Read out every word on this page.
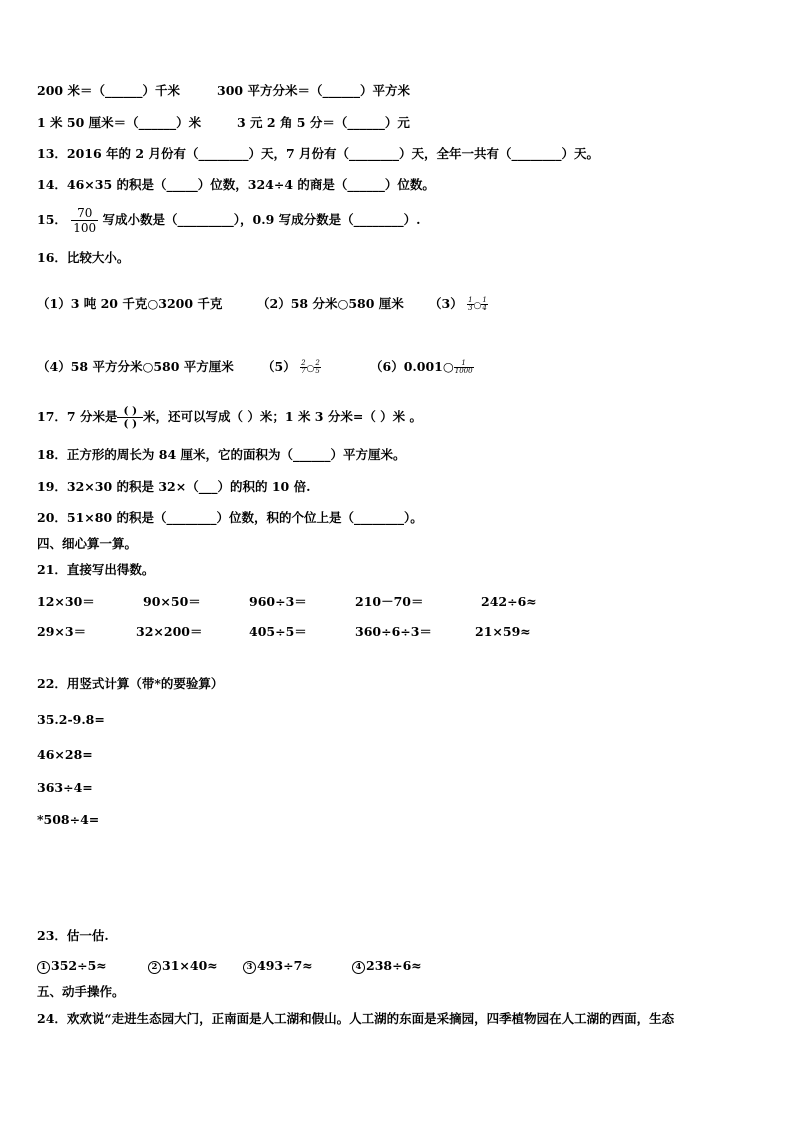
200 米＝（______）千米	300 平方分米＝（______）平方米
1 米 50 厘米＝（______）米	3 元 2 角 5 分＝（______）元
13．2016 年的 2 月份有（________）天，7 月份有（________）天，全年一共有（________）天。
14．46×35 的积是（_____）位数，324÷4 的商是（______）位数。
15． $\frac{70}{100}$ 写成小数是（_________），0.9 写成分数是（________）.
16．比较大小。
（1）3 吨 20 千克○3200 千克	（2）58 分米○580 厘米 $(3) \frac{1}{3}$ ○ $\frac{1}{4}$
（4）58 平方分米○580 平方厘米 $(5) \frac{2}{7}$ ○ $\frac{2}{5}$	（6）0.001○ $\frac{1}{1000}$
17．7 分米是 $\frac{( )}{( )}$ 米，还可以写成（ ）米；1 米 3 分米=（ ）米 。
18．正方形的周长为 84 厘米，它的面积为（______）平方厘米。
19．32×30 的积是 32×（___）的积的 10 倍.
20．51×80 的积是（________）位数，积的个位上是（________）。
四、细心算一算。
21．直接写出得数。
12×30＝	90×50＝	960÷3＝	210－70＝	242÷6≈
29×3＝	32×200＝	405÷5＝	360÷6÷3＝	21×59≈
22．用竖式计算（带*的要验算）
35.2-9.8=
46×28=
363÷4=
*508÷4=
23．估一估.
1 352÷5≈	2 31×40≈	3 493÷7≈	4 238÷6≈
五、动手操作。
24．欢欢说“走进生态园大门，正南面是人工湖和假山。人工湖的东面是采摘园，四季植物园在人工湖的西面，生态
